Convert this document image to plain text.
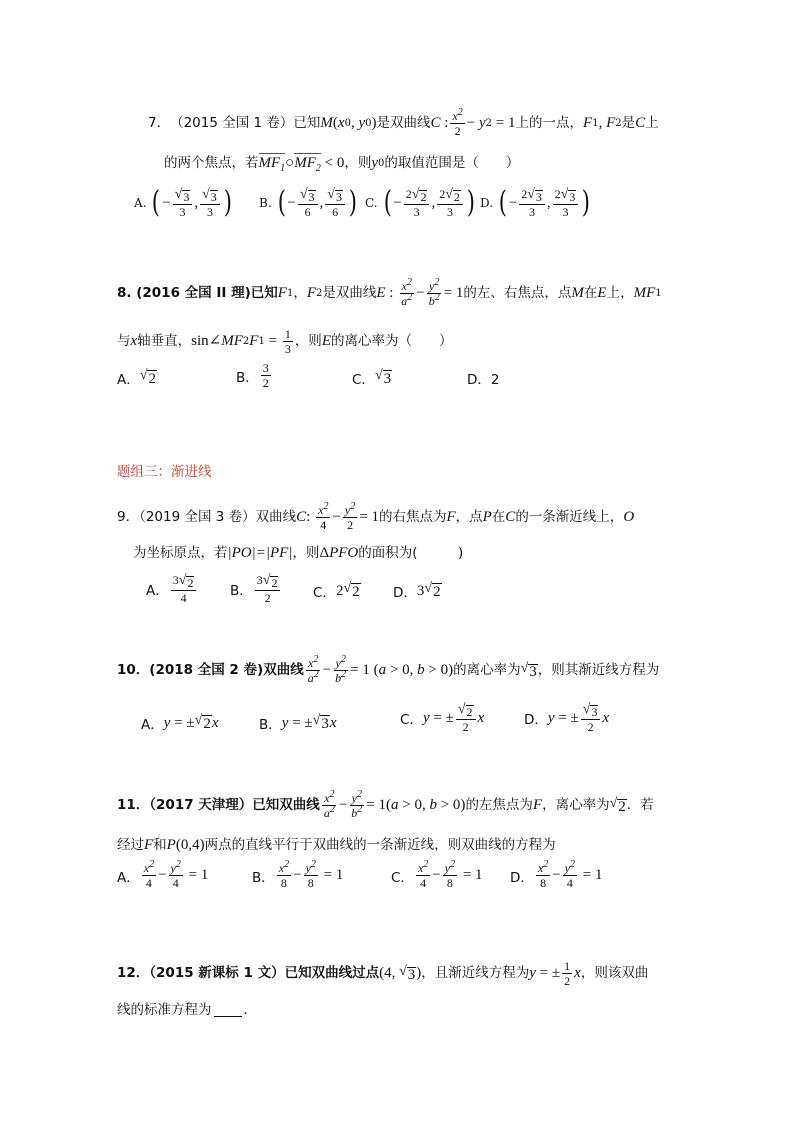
7． （2015 全国 1 卷）已知 M ( x 0 , y 0 ) 是双曲线 C : $\frac{x^2}{2} - y$ 2 = 1 上的一点， F 1 , F 2 是 C 上
的两个焦点，若 $MF_1$ ○ $MF_2 < 0$ ，则 y 0 的取值范围是（　　）
A. ( − $\frac{√ 3}{3}$ , $\frac{√ 3}{3}$ ) B. ( − $\frac{√ 3}{6}$ , $\frac{√ 3}{6}$ ) C. ( − $\frac{2 √ 2}{3}$ , $\frac{2 √ 2}{3}$ ) D. ( − $\frac{2 √ 3}{3}$ , $\frac{2 √ 3}{3}$ )
8. (2016 全国 II 理)已知 F 1 ， F 2 是双曲线 E : $\frac{x^2}{a^2} - \frac{y^2}{b^2} = 1$ 的左、右焦点，点 M 在 E 上， MF 1
与 x 轴垂直， sin∠ MF 2 F $1 = \frac{1}{3}$ ，则 E 的离心率为（　　）
A． √ 2	B． $\frac{3}{2}$	C． √ 3	D．2
题组三：渐进线
9．（2019 全国 3 卷）双曲线 C : $\frac{x^2}{4} - \frac{y^2}{2} = 1$ 的右焦点为 F ，点 P 在 C 的一条渐近线上， O
为坐标原点，若 |PO|=|PF| ，则 Δ PFO 的面积为(　　　)
A． $\frac{3 √ 2}{4}$ B． $\frac{3 √ 2}{2}$ C． 2 √ 2 D． 3 √ 2
10．(2018 全国 2 卷)双曲线 $\frac{x^2}{a^2} - \frac{y^2}{b^2} = 1$ ( a > 0, b > 0) 的离心率为 √ 3 ，则其渐近线方程为
A． y = ± √ 2 x	B． y = ± √ 3 x	C． y = ± $\frac{√ 2}{2}$ x	D． y = ± $\frac{√ 3}{2}$ x
11．（2017 天津理）已知双曲线 $\frac{x^2}{a^2} - \frac{y^2}{b^2} = 1$( a > 0, b > 0) 的左焦点为 F ，离心率为 √ 2 ．若
经过 F 和 P (0,4) 两点的直线平行于双曲线的一条渐近线，则双曲线的方程为
A． $\frac{x^2}{4} - \frac{y^2}{4} = 1$	B． $\frac{x^2}{8} - \frac{y^2}{8} = 1$	C． $\frac{x^2}{4} - \frac{y^2}{8} = 1$ D． $\frac{x^2}{8} - \frac{y^2}{4} = 1$
12．（2015 新课标 1 文）已知双曲线过点 (4, √ 3 ) ，且渐近线方程为 y = ± $\frac{1}{2}$ x ，则该双曲
线的标准方程为 ．
